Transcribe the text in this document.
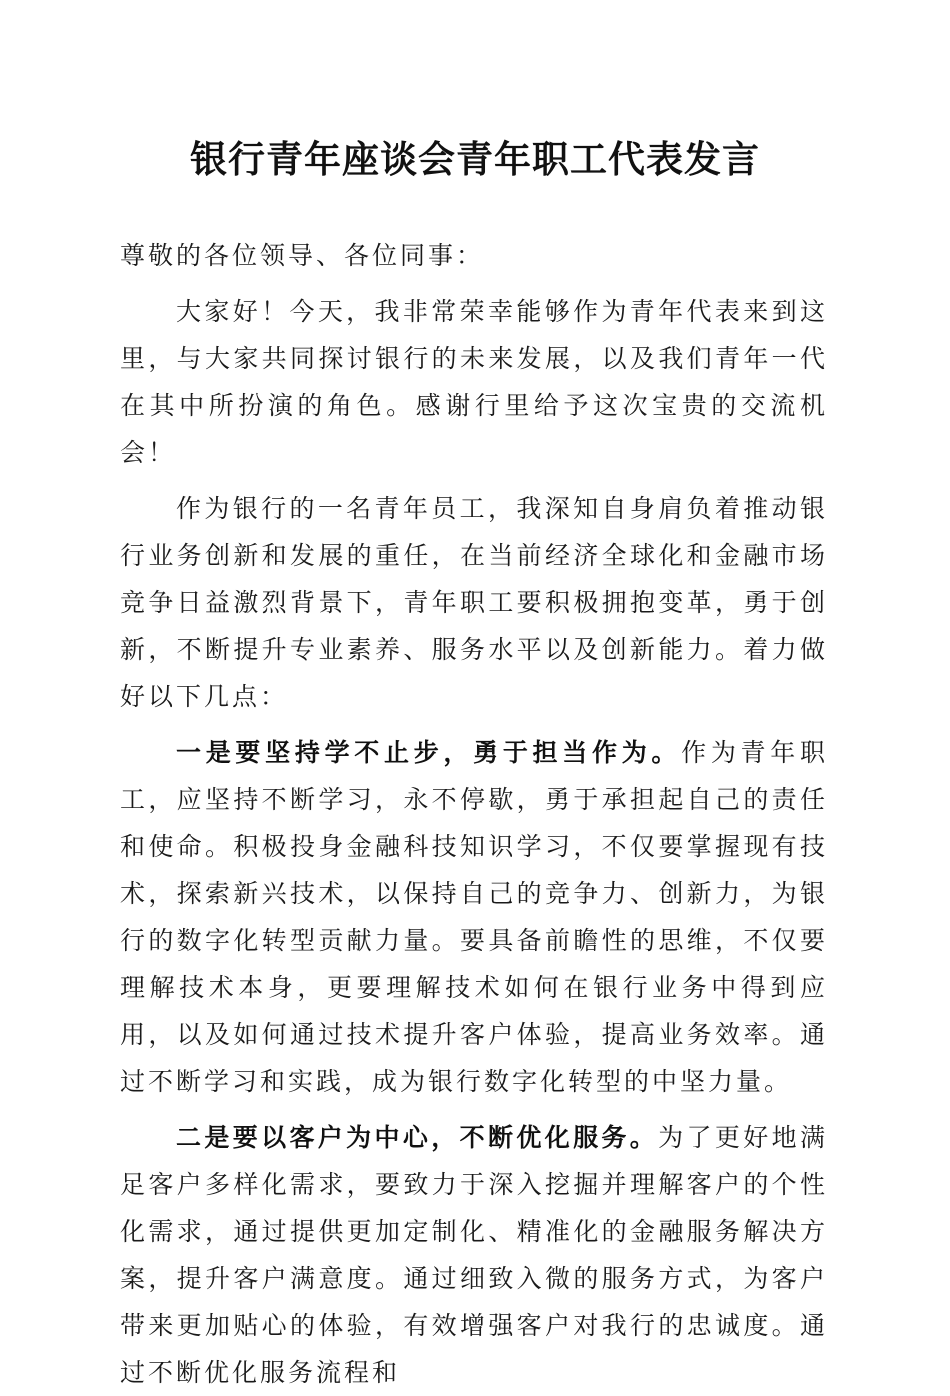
银行青年座谈会青年职工代表发言

尊敬的各位领导、各位同事：

大家好！今天，我非常荣幸能够作为青年代表来到这里，与大家共同探讨银行的未来发展，以及我们青年一代在其中所扮演的角色。感谢行里给予这次宝贵的交流机会！

作为银行的一名青年员工，我深知自身肩负着推动银行业务创新和发展的重任，在当前经济全球化和金融市场竞争日益激烈背景下，青年职工要积极拥抱变革，勇于创新，不断提升专业素养、服务水平以及创新能力。着力做好以下几点：

一是要坚持学不止步，勇于担当作为。作为青年职工，应坚持不断学习，永不停歇，勇于承担起自己的责任和使命。积极投身金融科技知识学习，不仅要掌握现有技术，探索新兴技术，以保持自己的竞争力、创新力，为银行的数字化转型贡献力量。要具备前瞻性的思维，不仅要理解技术本身，更要理解技术如何在银行业务中得到应用，以及如何通过技术提升客户体验，提高业务效率。通过不断学习和实践，成为银行数字化转型的中坚力量。

二是要以客户为中心，不断优化服务。为了更好地满足客户多样化需求，要致力于深入挖掘并理解客户的个性化需求，通过提供更加定制化、精准化的金融服务解决方案，提升客户满意度。通过细致入微的服务方式，为客户带来更加贴心的体验，有效增强客户对我行的忠诚度。通过不断优化服务流程和
